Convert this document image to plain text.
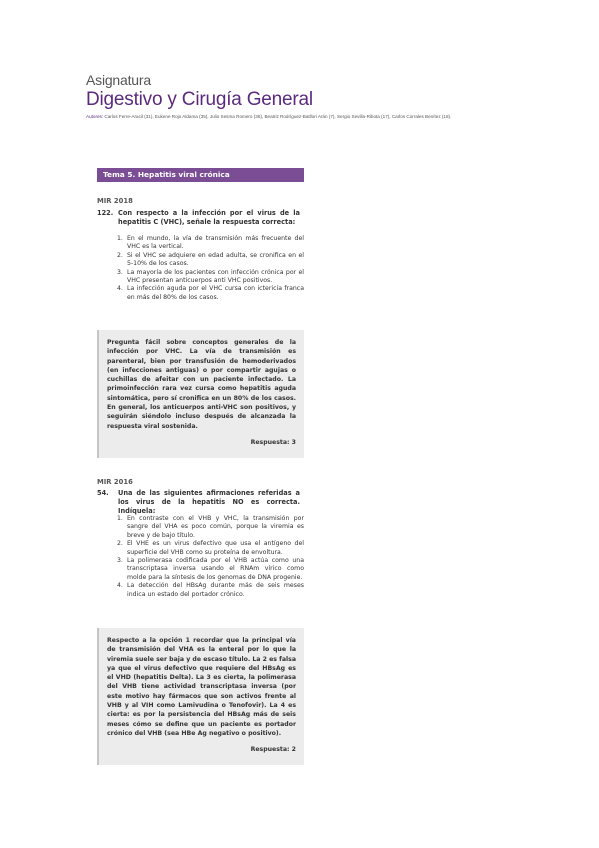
Asignatura
Digestivo y Cirugía General
Autores: Carlos Ferre-Aracil (31), Eukene Rojo Aldama (35), Julio Sesma Romero (36), Beatriz Rodríguez-Batllori Arán (7), Sergio Sevilla-Ribota (17), Carlos Corrales Benítez (18).
Tema 5. Hepatitis viral crónica
MIR 2018
122. Con respecto a la infección por el virus de la hepatitis C (VHC), señale la respuesta correcta:
1. En el mundo, la vía de transmisión más frecuente del VHC es la vertical.
2. Si el VHC se adquiere en edad adulta, se cronifica en el 5-10% de los casos.
3. La mayoría de los pacientes con infección crónica por el VHC presentan anticuerpos anti VHC positivos.
4. La infección aguda por el VHC cursa con ictericia franca en más del 80% de los casos.
Pregunta fácil sobre conceptos generales de la infección por VHC. La vía de transmisión es parenteral, bien por transfusión de hemoderivados (en infecciones antiguas) o por compartir agujas o cuchillas de afeitar con un paciente infectado. La primoinfección rara vez cursa como hepatitis aguda sintomática, pero sí cronifica en un 80% de los casos. En general, los anticuerpos anti-VHC son positivos, y seguirán siéndolo incluso después de alcanzada la respuesta viral sostenida.
Respuesta: 3
MIR 2016
54. Una de las siguientes afirmaciones referidas a los virus de la hepatitis NO es correcta. Indíquela:
1. En contraste con el VHB y VHC, la transmisión por sangre del VHA es poco común, porque la viremia es breve y de bajo título.
2. El VHE es un virus defectivo que usa el antígeno del superficie del VHB como su proteína de envoltura.
3. La polimerasa codificada por el VHB actúa como una transcriptasa inversa usando el RNAm vírico como molde para la síntesis de los genomas de DNA progenie.
4. La detección del HBsAg durante más de seis meses indica un estado del portador crónico.
Respecto a la opción 1 recordar que la principal vía de transmisión del VHA es la enteral por lo que la viremia suele ser baja y de escaso título. La 2 es falsa ya que el virus defectivo que requiere del HBsAg es el VHD (hepatitis Delta). La 3 es cierta, la polimerasa del VHB tiene actividad transcriptasa inversa (por este motivo hay fármacos que son activos frente al VHB y al VIH como Lamivudina o Tenofovir). La 4 es cierta: es por la persistencia del HBsAg más de seis meses cómo se define que un paciente es portador crónico del VHB (sea HBe Ag negativo o positivo).
Respuesta: 2
